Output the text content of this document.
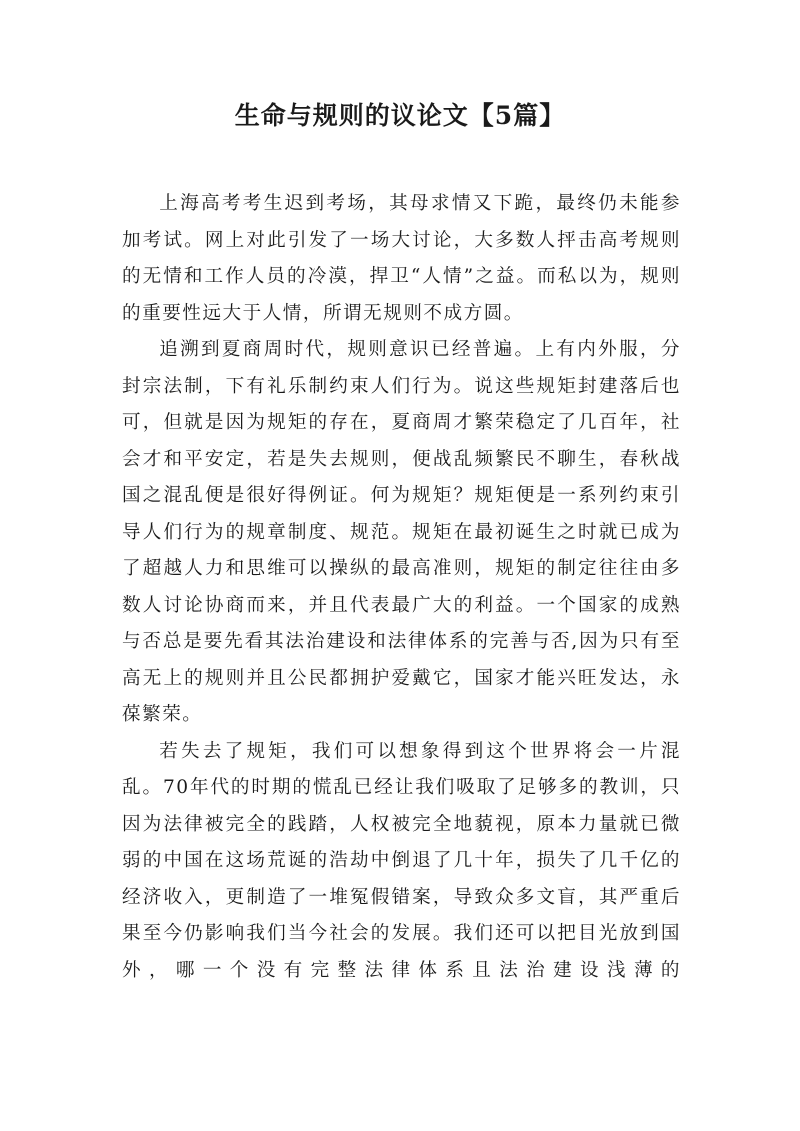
生命与规则的议论文【5篇】

上海高考考生迟到考场，其母求情又下跪，最终仍未能参加考试。网上对此引发了一场大讨论，大多数人抨击高考规则的无情和工作人员的冷漠，捍卫“人情”之益。而私以为，规则的重要性远大于人情，所谓无规则不成方圆。

追溯到夏商周时代，规则意识已经普遍。上有内外服，分封宗法制，下有礼乐制约束人们行为。说这些规矩封建落后也可，但就是因为规矩的存在，夏商周才繁荣稳定了几百年，社会才和平安定，若是失去规则，便战乱频繁民不聊生，春秋战国之混乱便是很好得例证。何为规矩？规矩便是一系列约束引导人们行为的规章制度、规范。规矩在最初诞生之时就已成为了超越人力和思维可以操纵的最高准则，规矩的制定往往由多数人讨论协商而来，并且代表最广大的利益。一个国家的成熟与否总是要先看其法治建设和法律体系的完善与否,因为只有至高无上的规则并且公民都拥护爱戴它，国家才能兴旺发达，永葆繁荣。

若失去了规矩，我们可以想象得到这个世界将会一片混乱。70年代的时期的慌乱已经让我们吸取了足够多的教训，只因为法律被完全的践踏，人权被完全地藐视，原本力量就已微弱的中国在这场荒诞的浩劫中倒退了几十年，损失了几千亿的经济收入，更制造了一堆冤假错案，导致众多文盲，其严重后果至今仍影响我们当今社会的发展。我们还可以把目光放到国外，哪一个没有完整法律体系且法治建设浅薄的
